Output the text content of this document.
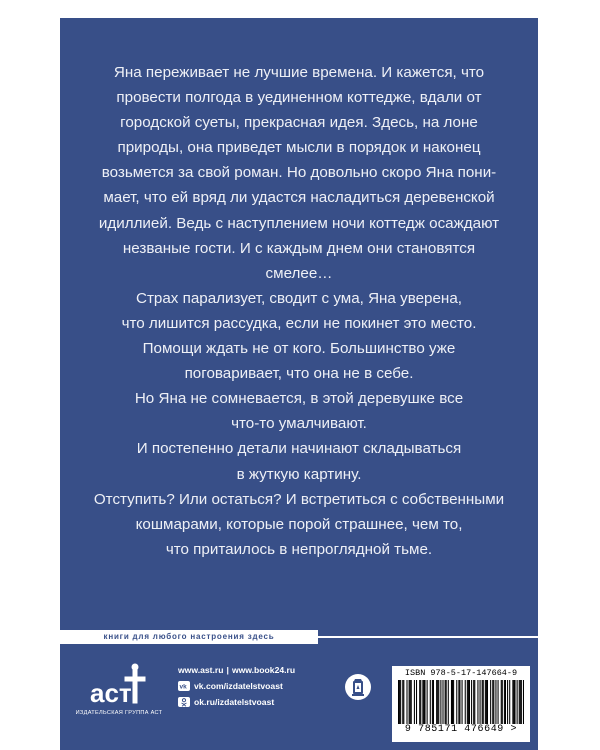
Яна переживает не лучшие времена. И кажется, что
провести полгода в уединенном коттедже, вдали от
городской суеты, прекрасная идея. Здесь, на лоне
природы, она приведет мысли в порядок и наконец
возьмется за свой роман. Но довольно скоро Яна пони-
мает, что ей вряд ли удастся насладиться деревенской
идиллией. Ведь с наступлением ночи коттедж осаждают
незваные гости. И с каждым днем они становятся
смелее…
Страх парализует, сводит с ума, Яна уверена,
что лишится рассудка, если не покинет это место.
Помощи ждать не от кого. Большинство уже
поговаривает, что она не в себе.
Но Яна не сомневается, в этой деревушке все
что-то умалчивают.
И постепенно детали начинают складываться
в жуткую картину.
Отступить? Или остаться? И встретиться с собственными
кошмарами, которые порой страшнее, чем то,
что притаилось в непроглядной тьме.
книги для любого настроения здесь
аст
ИЗДАТЕЛЬСКАЯ ГРУППА АСТ
www.ast.ru | www.book24.ru
vk vk.com/izdatelstvoast
ok.ru/izdatelstvoast
ISBN 978-5-17-147664-9
9 785171 476649 >
